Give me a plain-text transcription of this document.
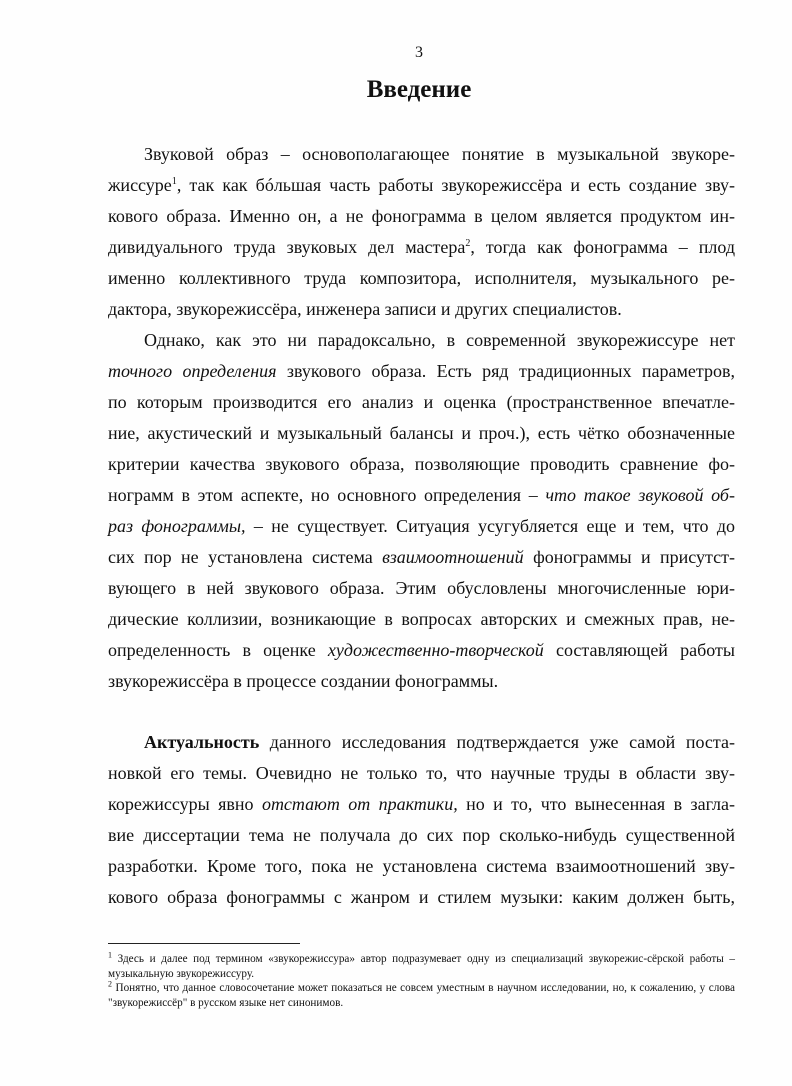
3
Введение
Звуковой образ – основополагающее понятие в музыкальной звукоре-
жиссуре$^1$, так как бóльшая часть работы звукорежиссёра и есть создание зву-
кового образа. Именно он, а не фонограмма в целом является продуктом ин-
дивидуального труда звуковых дел мастера$^2$, тогда как фонограмма – плод
именно коллективного труда композитора, исполнителя, музыкального ре-
дактора, звукорежиссёра, инженера записи и других специалистов.
Однако, как это ни парадоксально, в современной звукорежиссуре нет
точного определения звукового образа. Есть ряд традиционных параметров,
по которым производится его анализ и оценка (пространственное впечатле-
ние, акустический и музыкальный балансы и проч.), есть чётко обозначенные
критерии качества звукового образа, позволяющие проводить сравнение фо-
нограмм в этом аспекте, но основного определения – что такое звуковой об-
раз фонограммы, – не существует. Ситуация усугубляется еще и тем, что до
сих пор не установлена система взаимоотношений фонограммы и присутст-
вующего в ней звукового образа. Этим обусловлены многочисленные юри-
дические коллизии, возникающие в вопросах авторских и смежных прав, не-
определенность в оценке художественно-творческой составляющей работы
звукорежиссёра в процессе создании фонограммы.
Актуальность данного исследования подтверждается уже самой поста-
новкой его темы. Очевидно не только то, что научные труды в области зву-
корежиссуры явно отстают от практики, но и то, что вынесенная в загла-
вие диссертации тема не получала до сих пор сколько-нибудь существенной
разработки. Кроме того, пока не установлена система взаимоотношений зву-
кового образа фонограммы с жанром и стилем музыки: каким должен быть,
$^1$ Здесь и далее под термином «звукорежиссура» автор подразумевает одну из специализаций звукорежис-сёрской работы – музыкальную звукорежиссуру.
$^2$ Понятно, что данное словосочетание может показаться не совсем уместным в научном исследовании, но, к сожалению, у слова "звукорежиссёр" в русском языке нет синонимов.
